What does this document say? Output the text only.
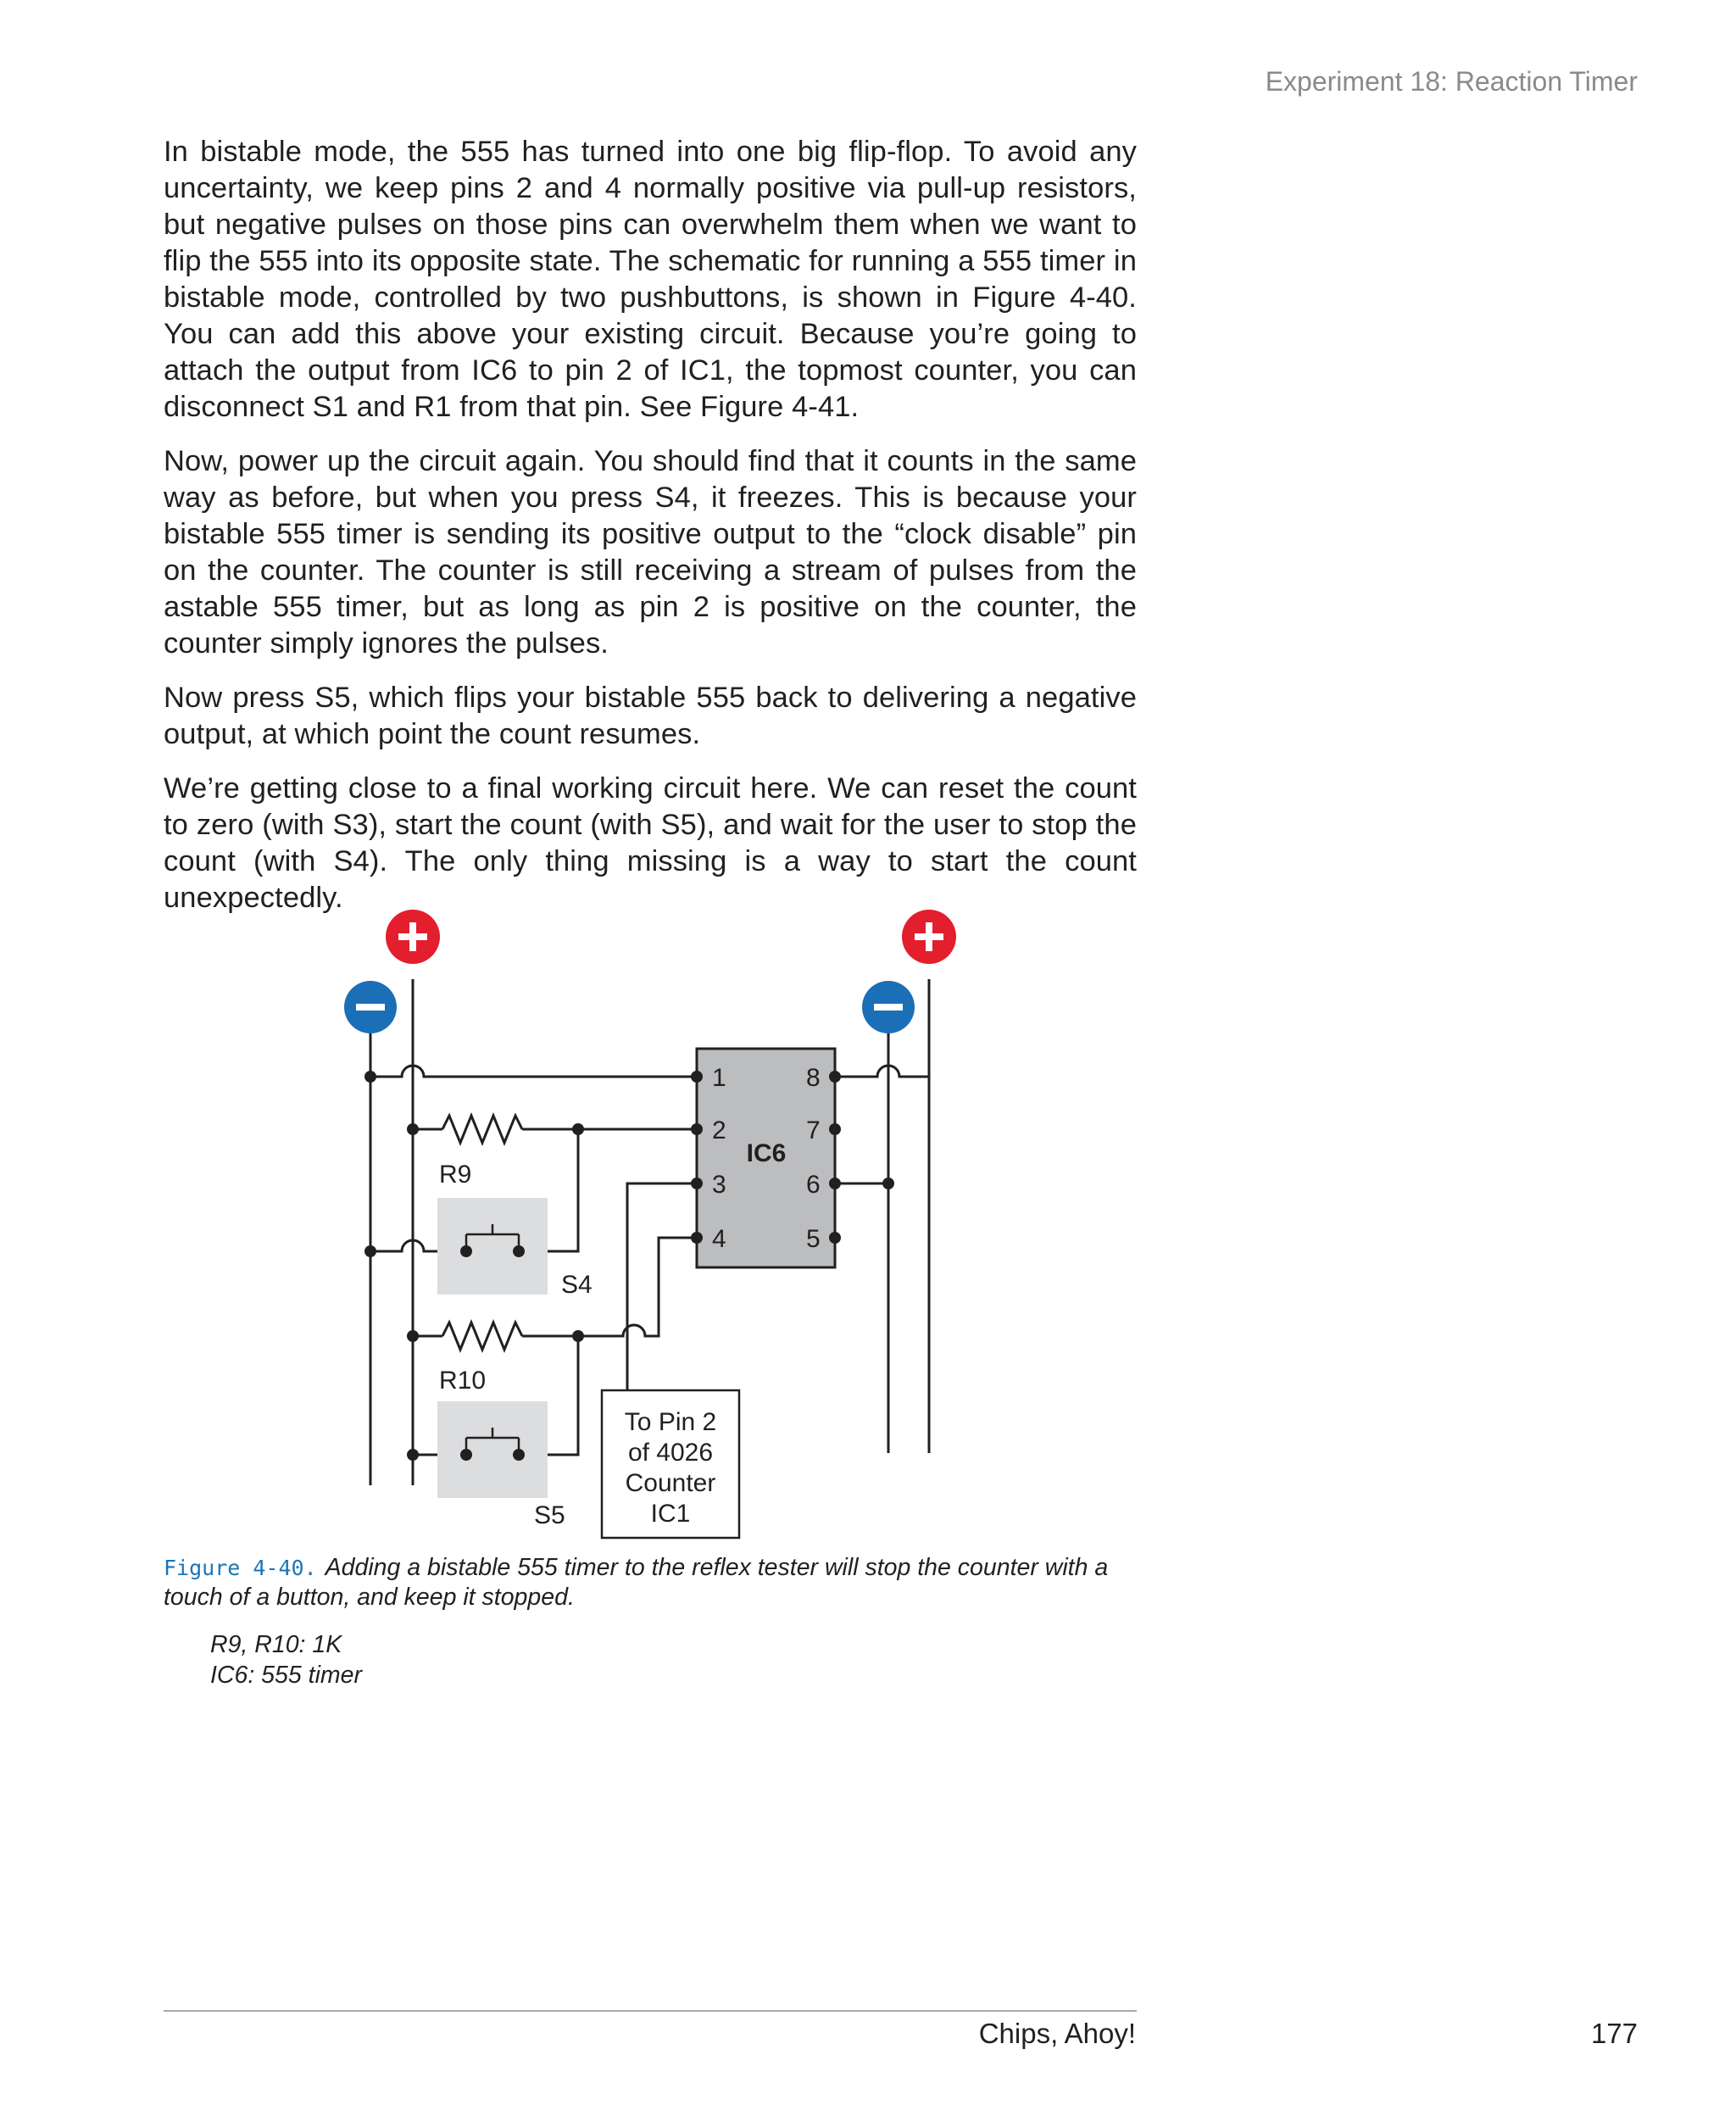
Experiment 18: Reaction Timer

In bistable mode, the 555 has turned into one big flip-flop. To avoid any uncertainty, we keep pins 2 and 4 normally positive via pull-up resistors, but negative pulses on those pins can overwhelm them when we want to flip the 555 into its opposite state. The schematic for running a 555 timer in bistable mode, controlled by two pushbuttons, is shown in Figure 4-40. You can add this above your existing circuit. Because you’re going to attach the output from IC6 to pin 2 of IC1, the topmost counter, you can disconnect S1 and R1 from that pin. See Figure 4-41.

Now, power up the circuit again. You should find that it counts in the same way as before, but when you press S4, it freezes. This is because your bistable 555 timer is sending its positive output to the “clock disable” pin on the counter. The counter is still receiving a stream of pulses from the astable 555 timer, but as long as pin 2 is positive on the counter, the counter simply ignores the pulses.

Now press S5, which flips your bistable 555 back to delivering a negative output, at which point the count resumes.

We’re getting close to a final working circuit here. We can reset the count to zero (with S3), start the count (with S5), and wait for the user to stop the count (with S4). The only thing missing is a way to start the count unexpectedly.

IC6
1
2
3
4
8
7
6
5
R9
S4
R10
S5
To Pin 2
of 4026
Counter
IC1
Figure 4-40. Adding a bistable 555 timer to the reflex tester will stop the counter with a touch of a button, and keep it stopped.
R9, R10: 1K
IC6: 555 timer
Chips, Ahoy!	177
